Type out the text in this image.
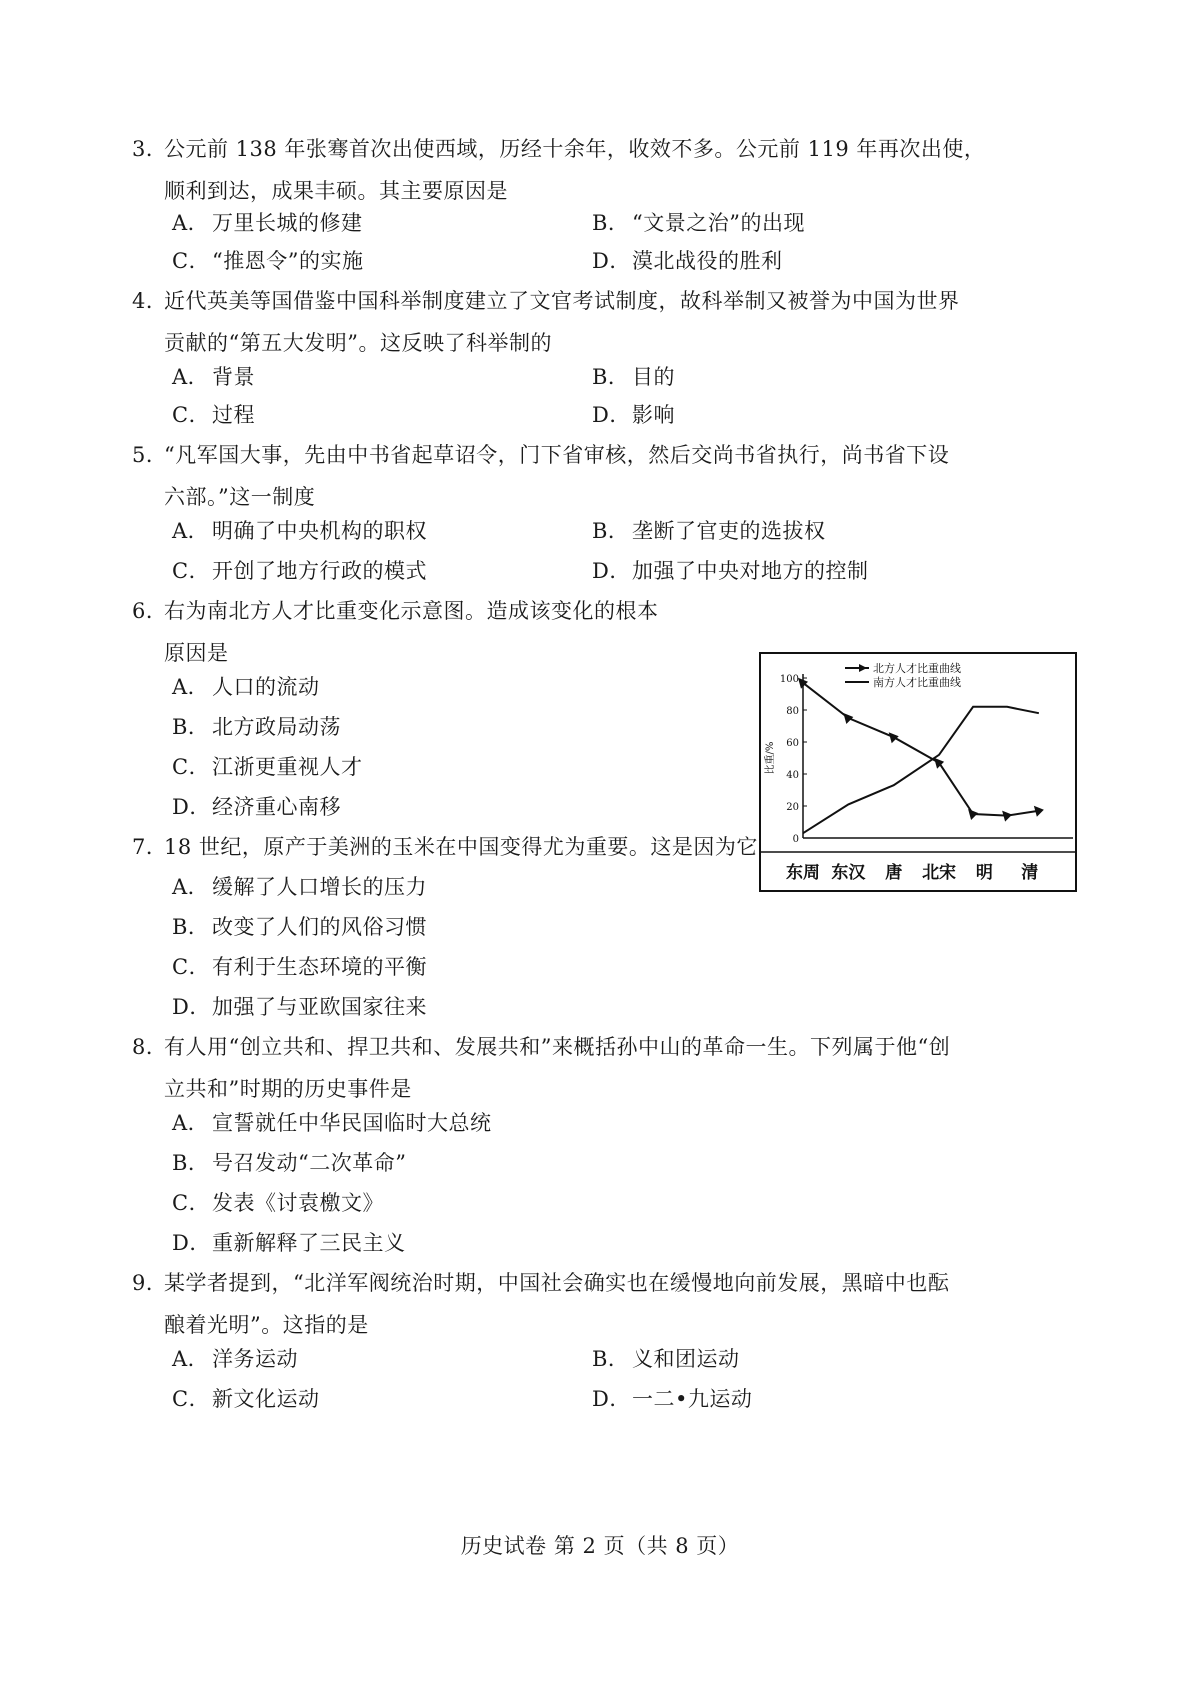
3．公元前 138 年张骞首次出使西域，历经十余年，收效不多。公元前 119 年再次出使，
顺利到达，成果丰硕。其主要原因是
A． 万里长城的修建	B． “文景之治”的出现
C．“推恩令”的实施	D．漠北战役的胜利
4．近代英美等国借鉴中国科举制度建立了文官考试制度，故科举制又被誉为中国为世界
贡献的“第五大发明”。这反映了科举制的
A． 背景	B． 目的
C．过程	D．影响
5．“凡军国大事，先由中书省起草诏令，门下省审核，然后交尚书省执行，尚书省下设
六部。”这一制度
A． 明确了中央机构的职权	B． 垄断了官吏的选拔权
C．开创了地方行政的模式	D．加强了中央对地方的控制
6．右为南北方人才比重变化示意图。造成该变化的根本
原因是
A． 人口的流动
B． 北方政局动荡
C．江浙更重视人才
D．经济重心南移
0
20
40
60
80
100
比重/%
东周 东汉 唐 北宋 明 清
北方人才比重曲线
南方人才比重曲线
7．18 世纪，原产于美洲的玉米在中国变得尤为重要。这是因为它
A． 缓解了人口增长的压力
B． 改变了人们的风俗习惯
C．有利于生态环境的平衡
D．加强了与亚欧国家往来
8．有人用“创立共和、捍卫共和、发展共和”来概括孙中山的革命一生。下列属于他“创
立共和”时期的历史事件是
A． 宣誓就任中华民国临时大总统
B． 号召发动“二次革命”
C．发表《讨袁檄文》
D．重新解释了三民主义
9．某学者提到，“北洋军阀统治时期，中国社会确实也在缓慢地向前发展，黑暗中也酝
酿着光明”。这指的是
A． 洋务运动	B． 义和团运动
C．新文化运动	D．一二•九运动
历史试卷 第 2 页（共 8 页）
